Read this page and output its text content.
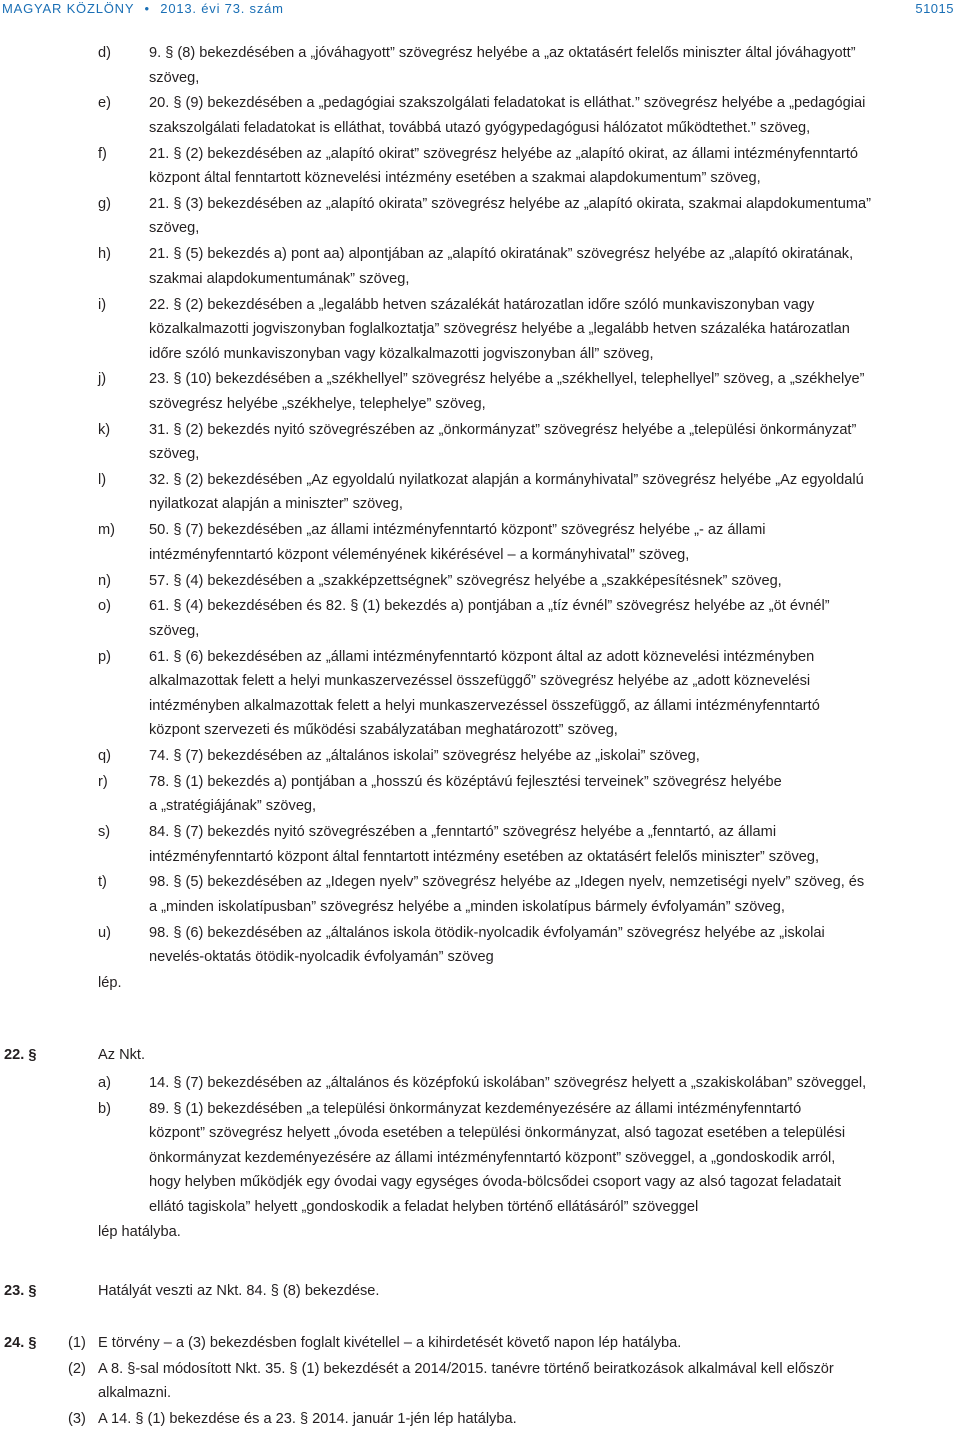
MAGYAR KÖZLÖNY • 2013. évi 73. szám	51015
d)	9. § (8) bekezdésében a „jóváhagyott” szövegrész helyébe a „az oktatásért felelős miniszter által jóváhagyott”
szöveg,
e)	20. § (9) bekezdésében a „pedagógiai szakszolgálati feladatokat is elláthat.” szövegrész helyébe a „pedagógiai
szakszolgálati feladatokat is elláthat, továbbá utazó gyógypedagógusi hálózatot működtethet.” szöveg,
f)	21. § (2) bekezdésében az „alapító okirat” szövegrész helyébe az „alapító okirat, az állami intézményfenntartó
központ által fenntartott köznevelési intézmény esetében a szakmai alapdokumentum” szöveg,
g)	21. § (3) bekezdésében az „alapító okirata” szövegrész helyébe az „alapító okirata, szakmai alapdokumentuma”
szöveg,
h)	21. § (5) bekezdés a) pont aa) alpontjában az „alapító okiratának” szövegrész helyébe az „alapító okiratának,
szakmai alapdokumentumának” szöveg,
i)	22. § (2) bekezdésében a „legalább hetven százalékát határozatlan időre szóló munkaviszonyban vagy
közalkalmazotti jogviszonyban foglalkoztatja” szövegrész helyébe a „legalább hetven százaléka határozatlan
időre szóló munkaviszonyban vagy közalkalmazotti jogviszonyban áll” szöveg,
j)	23. § (10) bekezdésében a „székhellyel” szövegrész helyébe a „székhellyel, telephellyel” szöveg, a „székhelye”
szövegrész helyébe „székhelye, telephelye” szöveg,
k)	31. § (2) bekezdés nyitó szövegrészében az „önkormányzat” szövegrész helyébe a „települési önkormányzat”
szöveg,
l)	32. § (2) bekezdésében „Az egyoldalú nyilatkozat alapján a kormányhivatal” szövegrész helyébe „Az egyoldalú
nyilatkozat alapján a miniszter” szöveg,
m) 50. § (7) bekezdésében „az állami intézményfenntartó központ” szövegrész helyébe „- az állami
intézményfenntartó központ véleményének kikérésével – a kormányhivatal” szöveg,
n)	57. § (4) bekezdésében a „szakképzettségnek” szövegrész helyébe a „szakképesítésnek” szöveg,
o)	61. § (4) bekezdésében és 82. § (1) bekezdés a) pontjában a „tíz évnél” szövegrész helyébe az „öt évnél”
szöveg,
p)	61. § (6) bekezdésében az „állami intézményfenntartó központ által az adott köznevelési intézményben
alkalmazottak felett a helyi munkaszervezéssel összefüggő” szövegrész helyébe az „adott köznevelési
intézményben alkalmazottak felett a helyi munkaszervezéssel összefüggő, az állami intézményfenntartó
központ szervezeti és működési szabályzatában meghatározott” szöveg,
q)	74. § (7) bekezdésében az „általános iskolai” szövegrész helyébe az „iskolai” szöveg,
r)	78. § (1) bekezdés a) pontjában a „hosszú és középtávú fejlesztési terveinek” szövegrész helyébe
a „stratégiájának” szöveg,
s)	84. § (7) bekezdés nyitó szövegrészében a „fenntartó” szövegrész helyébe a „fenntartó, az állami
intézményfenntartó központ által fenntartott intézmény esetében az oktatásért felelős miniszter” szöveg,
t)	98. § (5) bekezdésében az „Idegen nyelv” szövegrész helyébe az „Idegen nyelv, nemzetiségi nyelv” szöveg, és
a „minden iskolatípusban” szövegrész helyébe a „minden iskolatípus bármely évfolyamán” szöveg,
u)	98. § (6) bekezdésében az „általános iskola ötödik-nyolcadik évfolyamán” szövegrész helyébe az „iskolai
nevelés-oktatás ötödik-nyolcadik évfolyamán” szöveg
lép.
22. §	Az Nkt.
a)	14. § (7) bekezdésében az „általános és középfokú iskolában” szövegrész helyett a „szakiskolában” szöveggel,
b)	89. § (1) bekezdésében „a települési önkormányzat kezdeményezésére az állami intézményfenntartó
központ” szövegrész helyett „óvoda esetében a települési önkormányzat, alsó tagozat esetében a települési
önkormányzat kezdeményezésére az állami intézményfenntartó központ” szöveggel, a „gondoskodik arról,
hogy helyben működjék egy óvodai vagy egységes óvoda-bölcsődei csoport vagy az alsó tagozat feladatait
ellátó tagiskola” helyett „gondoskodik a feladat helyben történő ellátásáról” szöveggel
lép hatályba.
23. §	Hatályát veszti az Nkt. 84. § (8) bekezdése.
24. § (1) E törvény – a (3) bekezdésben foglalt kivétellel – a kihirdetését követő napon lép hatályba.
(2) A 8. §-sal módosított Nkt. 35. § (1) bekezdését a 2014/2015. tanévre történő beiratkozások alkalmával kell először
alkalmazni.
(3) A 14. § (1) bekezdése és a 23. § 2014. január 1-jén lép hatályba.
